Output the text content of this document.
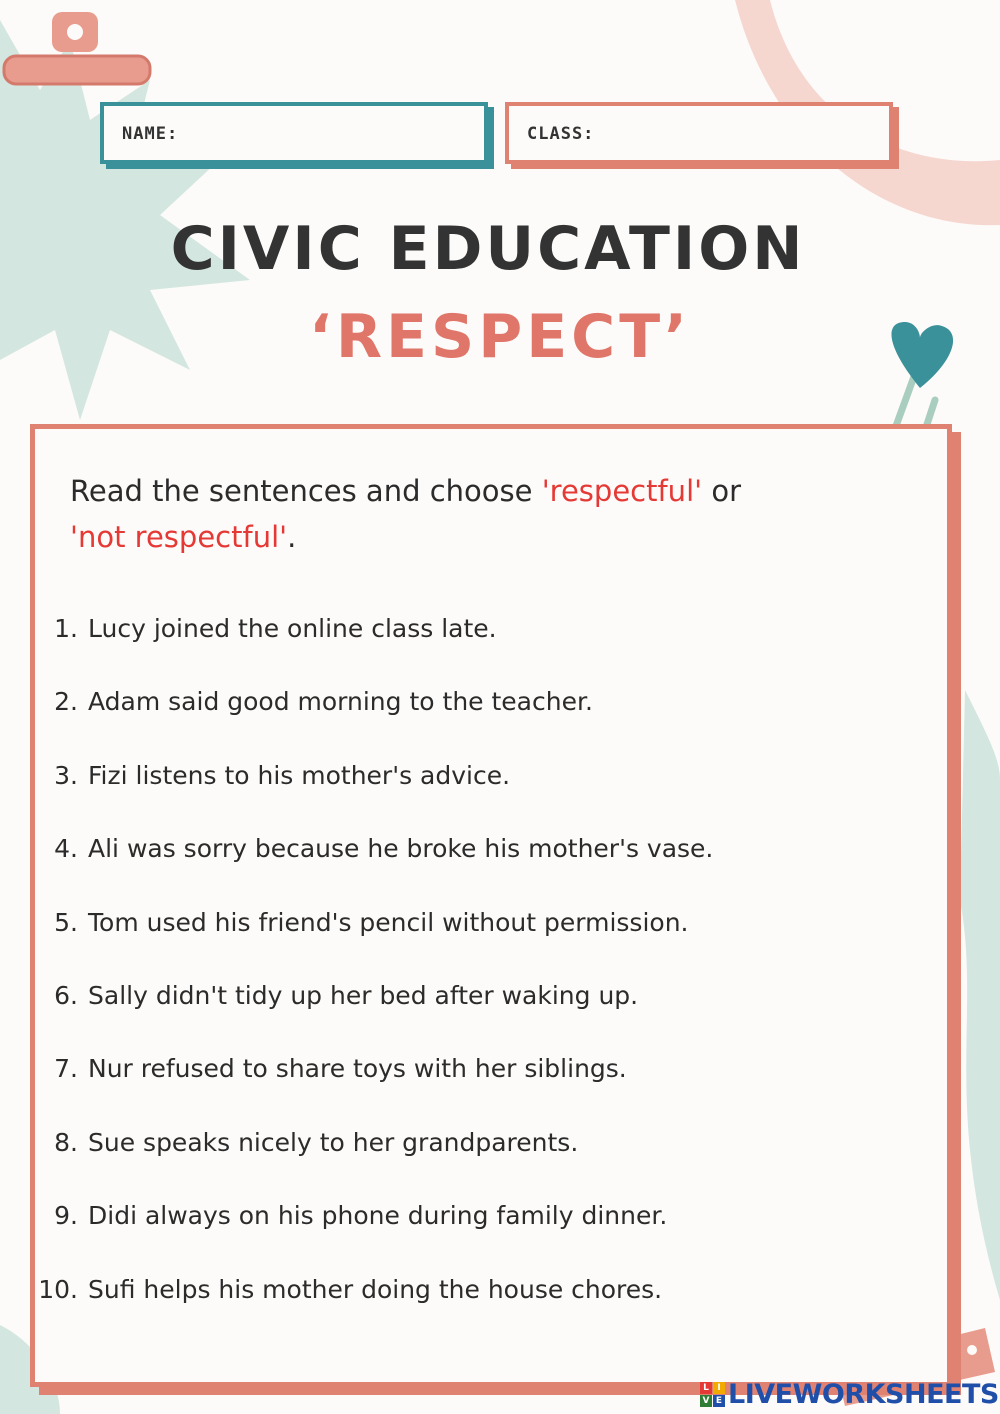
NAME:	CLASS:
CIVIC EDUCATION
‘RESPECT’
Read the sentences and choose 'respectful' or
'not respectful'.
1. Lucy joined the online class late.
2. Adam said good morning to the teacher.
3. Fizi listens to his mother's advice.
4. Ali was sorry because he broke his mother's vase.
5. Tom used his friend's pencil without permission.
6. Sally didn't tidy up her bed after waking up.
7. Nur refused to share toys with her siblings.
8. Sue speaks nicely to her grandparents.
9. Didi always on his phone during family dinner.
10. Sufi helps his mother doing the house chores.
L I
V E LIVEWORKSHEETS
